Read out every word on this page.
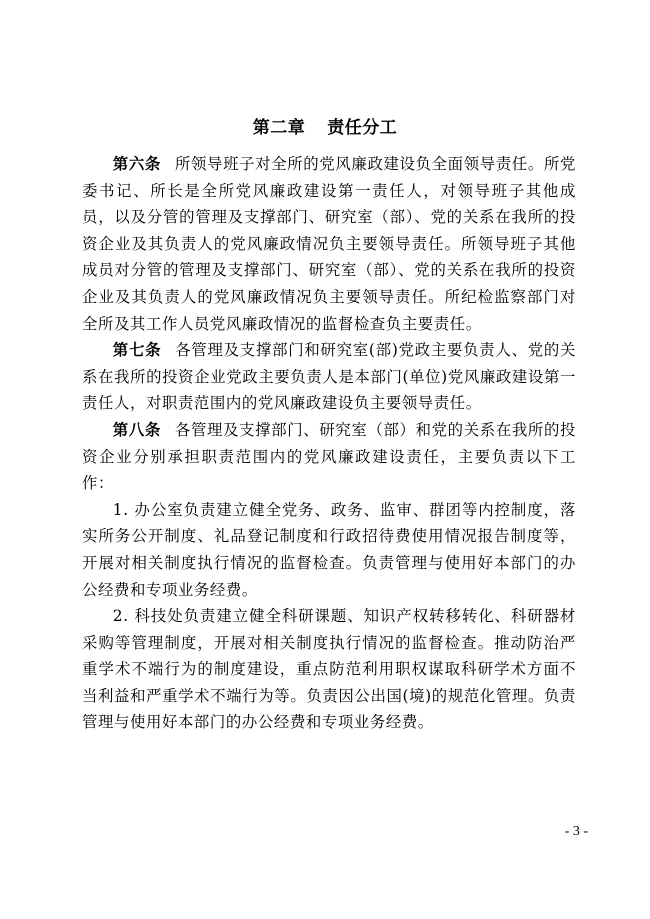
第二章 责任分工

第六条 所领导班子对全所的党风廉政建设负全面领导责任。所党委书记、所长是全所党风廉政建设第一责任人，对领导班子其他成员，以及分管的管理及支撑部门、研究室（部）、党的关系在我所的投资企业及其负责人的党风廉政情况负主要领导责任。所领导班子其他成员对分管的管理及支撑部门、研究室（部）、党的关系在我所的投资企业及其负责人的党风廉政情况负主要领导责任。所纪检监察部门对全所及其工作人员党风廉政情况的监督检查负主要责任。

第七条 各管理及支撑部门和研究室(部)党政主要负责人、党的关系在我所的投资企业党政主要负责人是本部门(单位)党风廉政建设第一责任人，对职责范围内的党风廉政建设负主要领导责任。

第八条 各管理及支撑部门、研究室（部）和党的关系在我所的投资企业分别承担职责范围内的党风廉政建设责任，主要负责以下工作：

1. 办公室负责建立健全党务、政务、监审、群团等内控制度，落实所务公开制度、礼品登记制度和行政招待费使用情况报告制度等，开展对相关制度执行情况的监督检查。负责管理与使用好本部门的办公经费和专项业务经费。

2. 科技处负责建立健全科研课题、知识产权转移转化、科研器材采购等管理制度，开展对相关制度执行情况的监督检查。推动防治严重学术不端行为的制度建设，重点防范利用职权谋取科研学术方面不当利益和严重学术不端行为等。负责因公出国(境)的规范化管理。负责管理与使用好本部门的办公经费和专项业务经费。

- 3 -
